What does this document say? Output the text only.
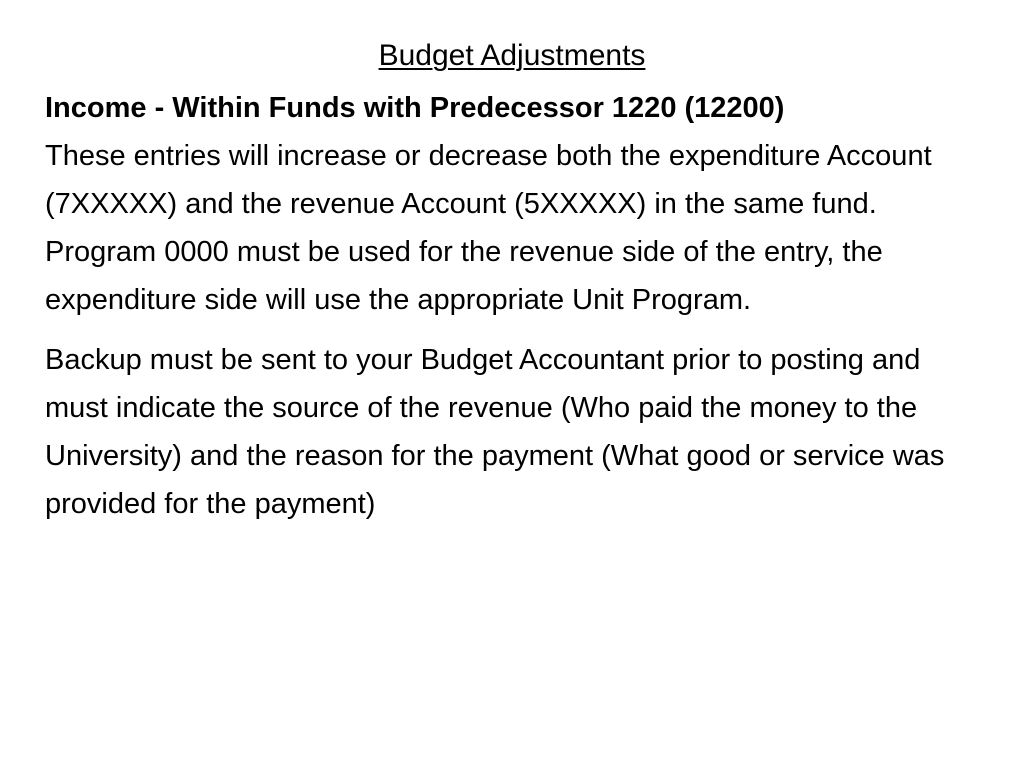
Budget Adjustments
Income - Within Funds with Predecessor 1220 (12200)

These entries will increase or decrease both the expenditure Account (7XXXXX) and the revenue Account (5XXXXX) in the same fund. Program 0000 must be used for the revenue side of the entry, the expenditure side will use the appropriate Unit Program.

Backup must be sent to your Budget Accountant prior to posting and must indicate the source of the revenue (Who paid the money to the University) and the reason for the payment (What good or service was provided for the payment)
